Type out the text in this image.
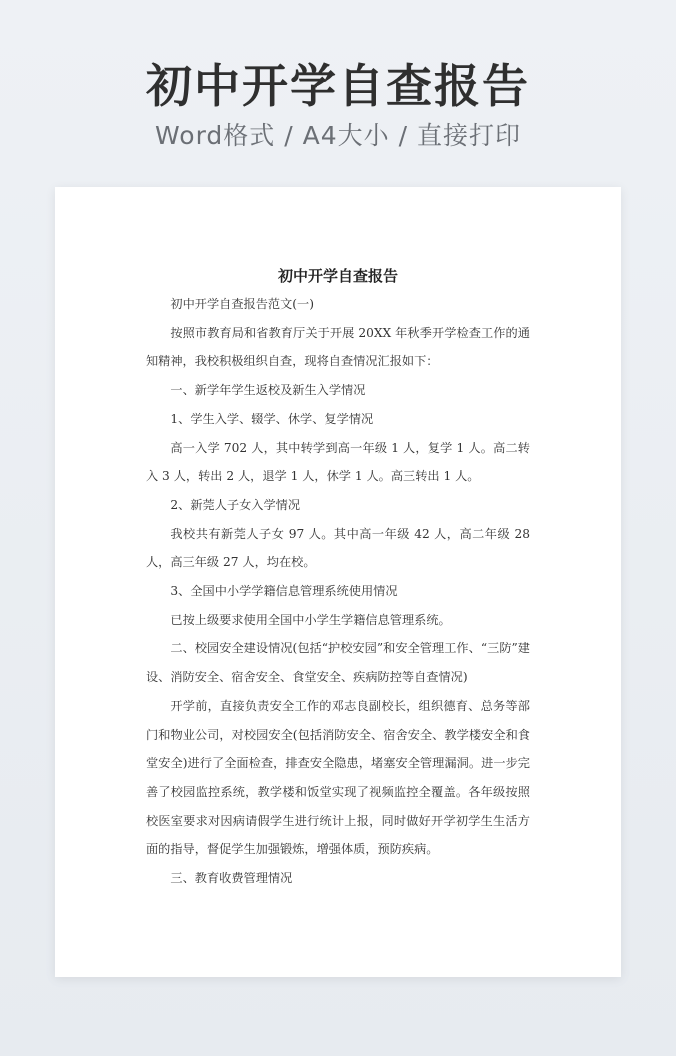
初中开学自查报告
Word格式 / A4大小 / 直接打印
初中开学自查报告

初中开学自查报告范文(一)

按照市教育局和省教育厅关于开展 20XX 年秋季开学检查工作的通知精神，我校积极组织自查，现将自查情况汇报如下：

一、新学年学生返校及新生入学情况

1、学生入学、辍学、休学、复学情况

高一入学 702 人，其中转学到高一年级 1 人，复学 1 人。高二转入 3 人，转出 2 人，退学 1 人，休学 1 人。高三转出 1 人。

2、新莞人子女入学情况

我校共有新莞人子女 97 人。其中高一年级 42 人，高二年级 28 人，高三年级 27 人，均在校。

3、全国中小学学籍信息管理系统使用情况

已按上级要求使用全国中小学生学籍信息管理系统。

二、校园安全建设情况(包括“护校安园”和安全管理工作、“三防”建设、消防安全、宿舍安全、食堂安全、疾病防控等自查情况)

开学前，直接负责安全工作的邓志良副校长，组织德育、总务等部门和物业公司，对校园安全(包括消防安全、宿舍安全、教学楼安全和食堂安全)进行了全面检查，排查安全隐患，堵塞安全管理漏洞。进一步完善了校园监控系统，教学楼和饭堂实现了视频监控全覆盖。各年级按照校医室要求对因病请假学生进行统计上报，同时做好开学初学生生活方面的指导，督促学生加强锻炼，增强体质，预防疾病。

三、教育收费管理情况
